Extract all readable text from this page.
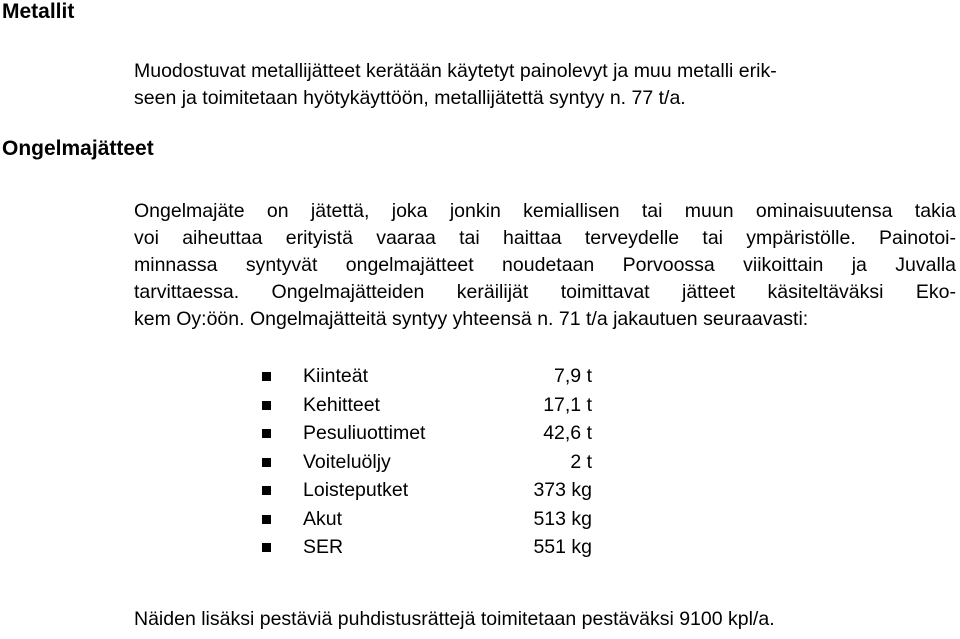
Metallit

Muodostuvat metallijätteet kerätään käytetyt painolevyt ja muu metalli erik-
seen ja toimitetaan hyötykäyttöön, metallijätettä syntyy n. 77 t/a.

Ongelmajätteet

Ongelmajäte on jätettä, joka jonkin kemiallisen tai muun ominaisuutensa takia
voi aiheuttaa erityistä vaaraa tai haittaa terveydelle tai ympäristölle. Painotoi-
minnassa syntyvät ongelmajätteet noudetaan Porvoossa viikoittain ja Juvalla
tarvittaessa. Ongelmajätteiden keräilijät toimittavat jätteet käsiteltäväksi Eko-
kem Oy:öön. Ongelmajätteitä syntyy yhteensä n. 71 t/a jakautuen seuraavasti:

Kiinteät	7,9 t
Kehitteet	17,1 t
Pesuliuottimet	42,6 t
Voiteluöljy	2 t
Loisteputket	373 kg
Akut	513 kg
SER	551 kg

Näiden lisäksi pestäviä puhdistusrättejä toimitetaan pestäväksi 9100 kpl/a.
